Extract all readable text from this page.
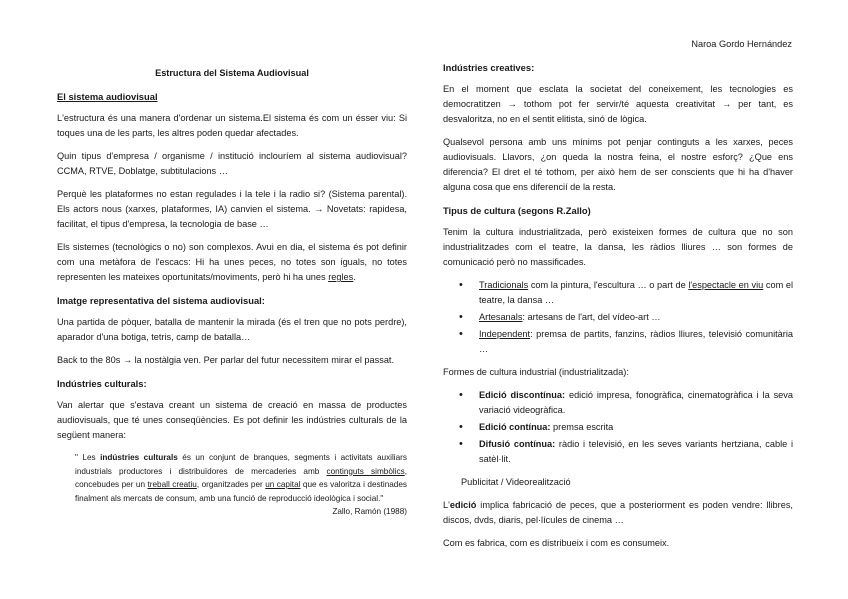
Naroa Gordo Hernández
Estructura del Sistema Audiovisual
El sistema audiovisual

L'estructura és una manera d'ordenar un sistema.El sistema és com un ésser viu: Si toques una de les parts, les altres poden quedar afectades.

Quin tipus d'empresa / organisme / institució inclouríem al sistema audiovisual? CCMA, RTVE, Doblatge, subtitulacions …

Perquè les plataformes no estan regulades i la tele i la radio si? (Sistema parental). Els actors nous (xarxes, plataformes, IA) canvien el sistema. → Novetats: rapidesa, facilitat, el tipus d'empresa, la tecnologia de base …

Els sistemes (tecnològics o no) son complexos. Avui en dia, el sistema és pot definir com una metàfora de l'escacs: Hi ha unes peces, no totes son iguals, no totes representen les mateixes oportunitats/moviments, però hi ha unes regles.

Imatge representativa del sistema audiovisual:

Una partida de pòquer, batalla de mantenir la mirada (és el tren que no pots perdre), aparador d'una botiga, tetris, camp de batalla…

Back to the 80s → la nostàlgia ven. Per parlar del futur necessitem mirar el passat.

Indústries culturals:

Van alertar que s'estava creant un sistema de creació en massa de productes audiovisuals, que té unes conseqüències. Es pot definir les indústries culturals de la següent manera:

" Les indústries culturals és un conjunt de branques, segments i activitats auxiliars industrials productores i distribuïdores de mercaderies amb continguts simbòlics, concebudes per un treball creatiu, organitzades per un capital que es valoritza i destinades finalment als mercats de consum, amb una funció de reproducció ideològica i social."
Zallo, Ramón (1988)
Indústries creatives:

En el moment que esclata la societat del coneixement, les tecnologies es democratitzen → tothom pot fer servir/té aquesta creativitat → per tant, es desvaloritza, no en el sentit elitista, sinó de lògica.

Qualsevol persona amb uns mínims pot penjar continguts a les xarxes, peces audiovisuals. Llavors, ¿on queda la nostra feina, el nostre esforç? ¿Que ens diferencia? El dret el té tothom, per això hem de ser conscients que hi ha d'haver alguna cosa que ens diferencií de la resta.

Tipus de cultura (segons R.Zallo)

Tenim la cultura industrialitzada, però existeixen formes de cultura que no son industrialitzades com el teatre, la dansa, les ràdios lliures … son formes de comunicació però no massificades.

• Tradicionals com la pintura, l'escultura … o part de l'espectacle en viu com el teatre, la dansa …
• Artesanals: artesans de l'art, del vídeo-art …
• Independent: premsa de partits, fanzins, ràdios lliures, televisió comunitària …

Formes de cultura industrial (industrialitzada):

• Edició discontínua: edició impresa, fonogràfica, cinematogràfica i la seva variació videogràfica.
• Edició contínua: premsa escrita
• Difusió contínua: ràdio i televisió, en les seves variants hertziana, cable i satèl·lit.

Publicitat / Videorealització

L'edició implica fabricació de peces, que a posteriorment es poden vendre: llibres, discos, dvds, diaris, pel·lícules de cinema …

Com es fabrica, com es distribueix i com es consumeix.
